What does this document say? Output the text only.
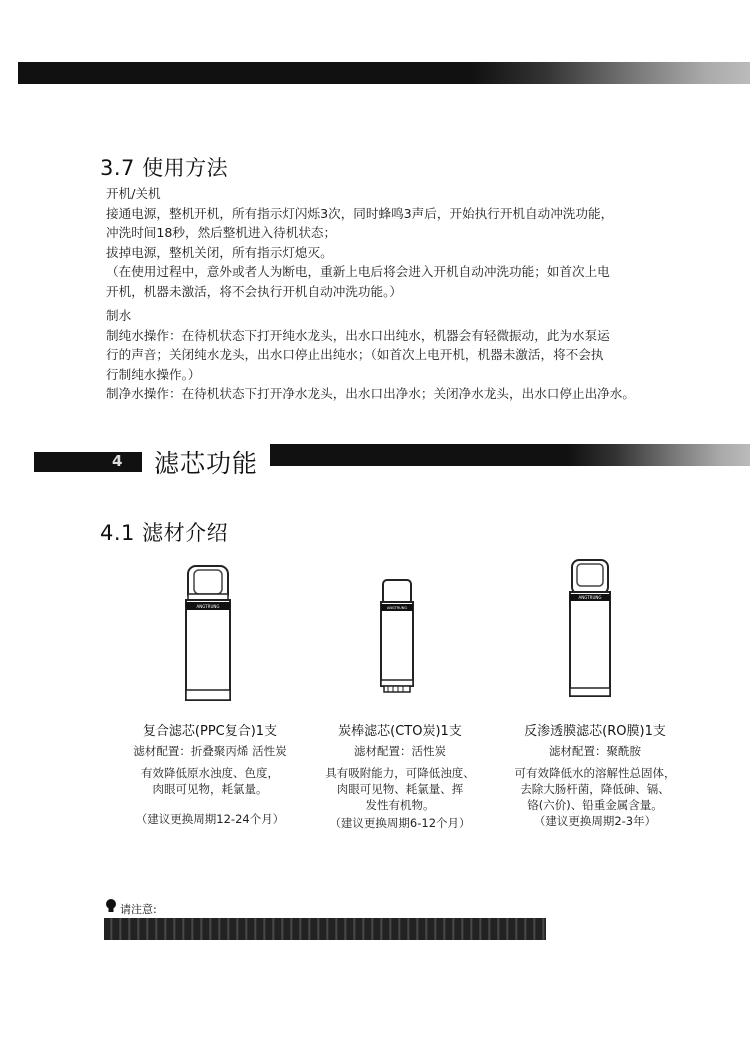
3.7 使用方法
开机/关机
接通电源，整机开机，所有指示灯闪烁3次，同时蜂鸣3声后，开始执行开机自动冲洗功能，
冲洗时间18秒，然后整机进入待机状态；
拔掉电源，整机关闭，所有指示灯熄灭。
（在使用过程中，意外或者人为断电，重新上电后将会进入开机自动冲洗功能；如首次上电
开机，机器未激活，将不会执行开机自动冲洗功能。）
制水
制纯水操作：在待机状态下打开纯水龙头，出水口出纯水，机器会有轻微振动，此为水泵运
行的声音；关闭纯水龙头，出水口停止出纯水；（如首次上电开机，机器未激活，将不会执
行制纯水操作。）
制净水操作：在待机状态下打开净水龙头，出水口出净水；关闭净水龙头，出水口停止出净水。
4 滤芯功能
4.1 滤材介绍
ANGTRUNG	ANGTRUNG
ANGTRUNG
复合滤芯(PPC复合)1支
滤材配置：折叠聚丙烯 活性炭
有效降低原水浊度、色度，
肉眼可见物，耗氯量。
（建议更换周期12-24个月）
炭棒滤芯(CTO炭)1支
滤材配置：活性炭
具有吸附能力，可降低浊度、
肉眼可见物、耗氯量、挥
发性有机物。
（建议更换周期6-12个月）
反渗透膜滤芯(RO膜)1支
滤材配置：聚酰胺
可有效降低水的溶解性总固体，
去除大肠杆菌，降低砷、镉、
铬(六价)、铅重金属含量。
（建议更换周期2-3年）
请注意:
